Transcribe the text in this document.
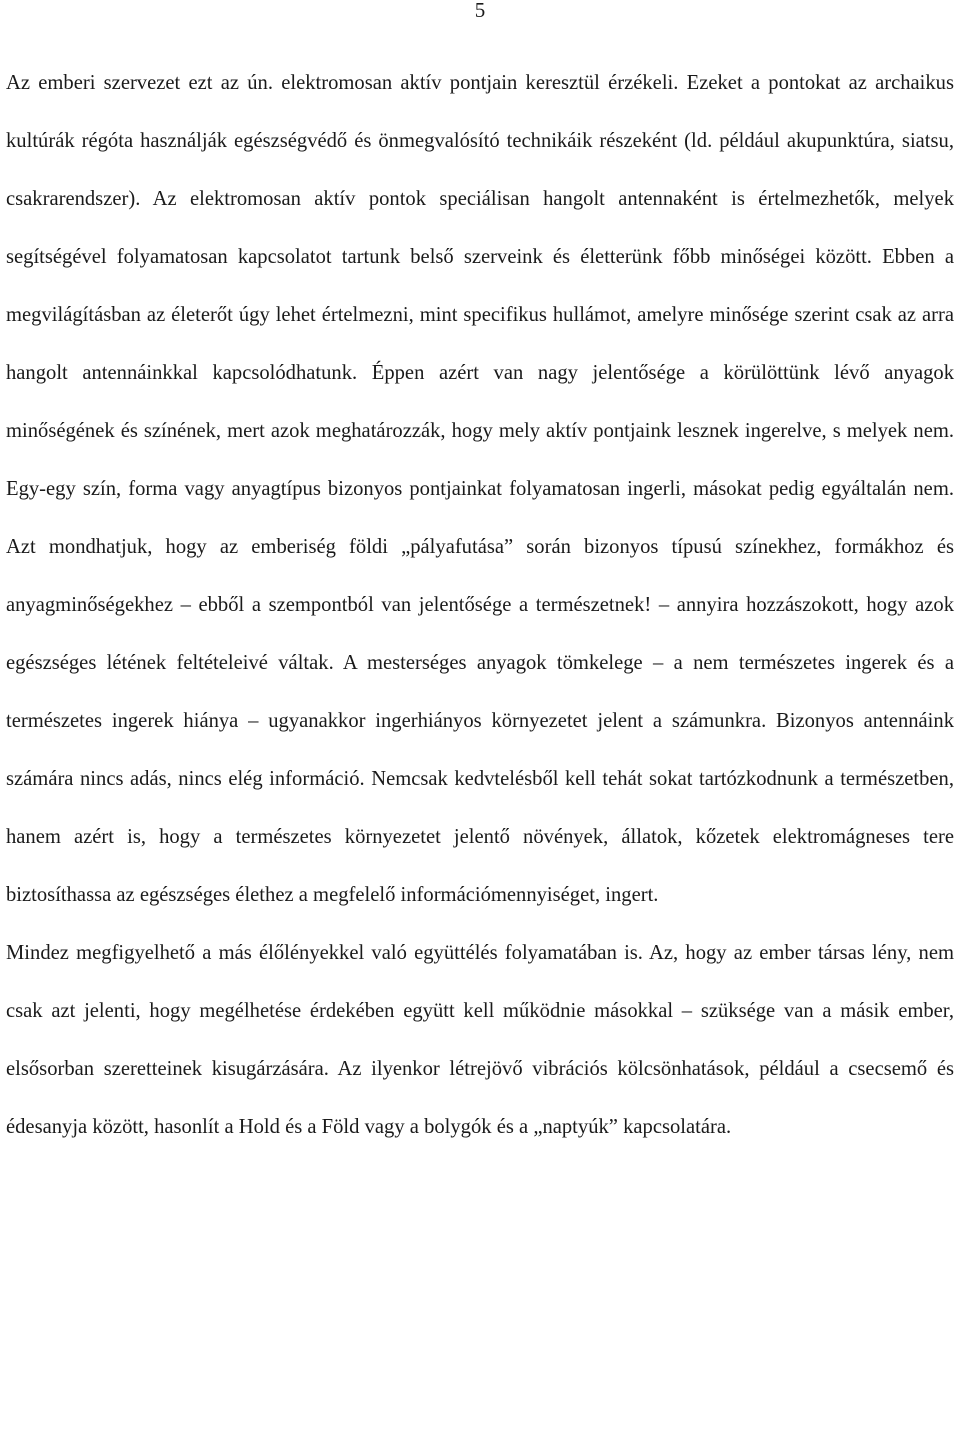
5

Az emberi szervezet ezt az ún. elektromosan aktív pontjain keresztül érzékeli. Ezeket a pontokat az archaikus kultúrák régóta használják egészségvédő és önmegvalósító technikáik részeként (ld. például akupunktúra, siatsu, csakrarendszer). Az elektromosan aktív pontok speciálisan hangolt antennaként is értelmezhetők, melyek segítségével folyamatosan kapcsolatot tartunk belső szerveink és életterünk főbb minőségei között. Ebben a megvilágításban az életerőt úgy lehet értelmezni, mint specifikus hullámot, amelyre minősége szerint csak az arra hangolt antennáinkkal kapcsolódhatunk. Éppen azért van nagy jelentősége a körülöttünk lévő anyagok minőségének és színének, mert azok meghatározzák, hogy mely aktív pontjaink lesznek ingerelve, s melyek nem. Egy-egy szín, forma vagy anyagtípus bizonyos pontjainkat folyamatosan ingerli, másokat pedig egyáltalán nem. Azt mondhatjuk, hogy az emberiség földi „pályafutása” során bizonyos típusú színekhez, formákhoz és anyagminőségekhez – ebből a szempontból van jelentősége a természetnek! – annyira hozzászokott, hogy azok egészséges létének feltételeivé váltak. A mesterséges anyagok tömkelege – a nem természetes ingerek és a természetes ingerek hiánya – ugyanakkor ingerhiányos környezetet jelent a számunkra. Bizonyos antennáink számára nincs adás, nincs elég információ. Nemcsak kedvtelésből kell tehát sokat tartózkodnunk a természetben, hanem azért is, hogy a természetes környezetet jelentő növények, állatok, kőzetek elektromágneses tere biztosíthassa az egészséges élethez a megfelelő információmennyiséget, ingert.

Mindez megfigyelhető a más élőlényekkel való együttélés folyamatában is. Az, hogy az ember társas lény, nem csak azt jelenti, hogy megélhetése érdekében együtt kell működnie másokkal – szüksége van a másik ember, elsősorban szeretteinek kisugárzására. Az ilyenkor létrejövő vibrációs kölcsönhatások, például a csecsemő és édesanyja között, hasonlít a Hold és a Föld vagy a bolygók és a „naptyúk” kapcsolatára.
